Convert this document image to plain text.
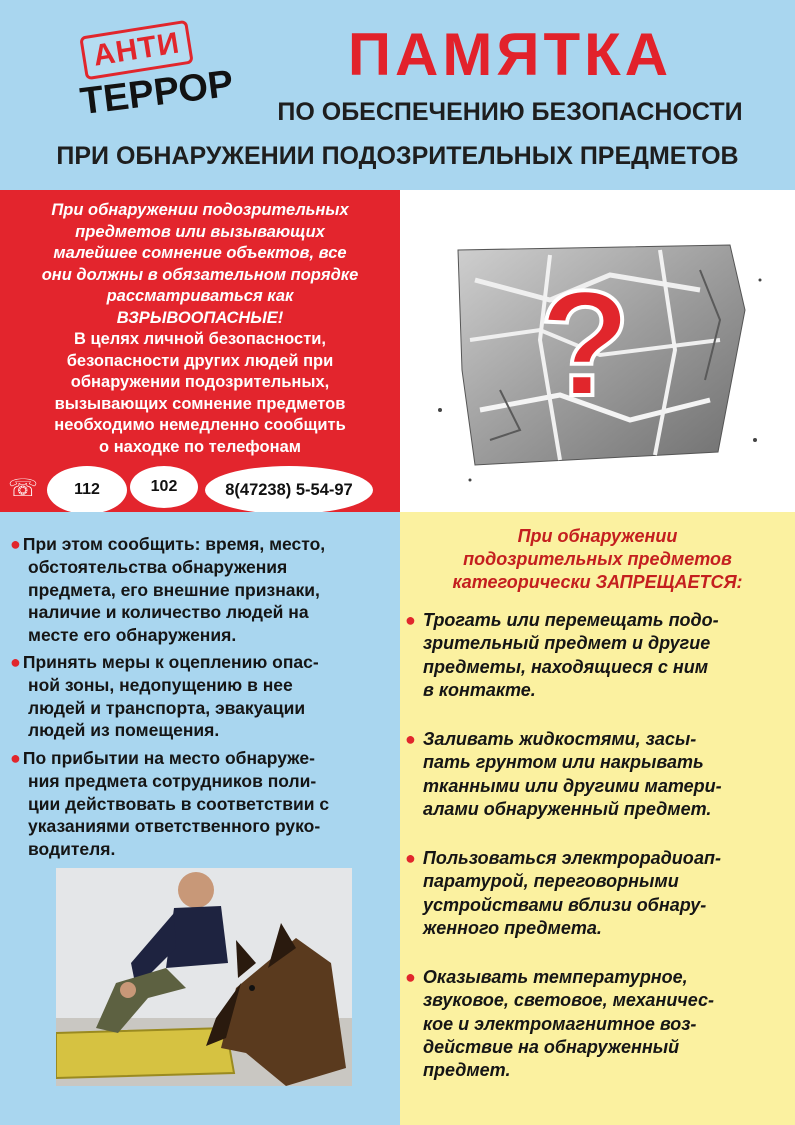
АНТИ
ТЕРРОР
ПАМЯТКА
ПО ОБЕСПЕЧЕНИЮ БЕЗОПАСНОСТИ
ПРИ ОБНАРУЖЕНИИ ПОДОЗРИТЕЛЬНЫХ ПРЕДМЕТОВ
При обнаружении подозрительных
предметов или вызывающих
малейшее сомнение объектов, все
они должны в обязательном порядке
рассматриваться как
ВЗРЫВООПАСНЫЕ!
В целях личной безопасности,
безопасности других людей при
обнаружении подозрительных,
вызывающих сомнение предметов
необходимо немедленно сообщить
о находке по телефонам
☏	112	102	8(47238) 5-54-97
?
● При этом сообщить: время, место,
обстоятельства обнаружения
предмета, его внешние признаки,
наличие и количество людей на
месте его обнаружения.
● Принять меры к оцеплению опас-
ной зоны, недопущению в нее
людей и транспорта, эвакуации
людей из помещения.
● По прибытии на место обнаруже-
ния предмета сотрудников поли-
ции действовать в соответствии с
указаниями ответственного руко-
водителя.
При обнаружении
подозрительных предметов
категорически ЗАПРЕЩАЕТСЯ:
● Трогать или перемещать подо-
зрительный предмет и другие
предметы, находящиеся с ним
в контакте.
● Заливать жидкостями, засы-
пать грунтом или накрывать
тканными или другими матери-
алами обнаруженный предмет.
● Пользоваться электрорадиоап-
паратурой, переговорными
устройствами вблизи обнару-
женного предмета.
● Оказывать температурное,
звуковое, световое, механичес-
кое и электромагнитное воз-
действие на обнаруженный
предмет.
